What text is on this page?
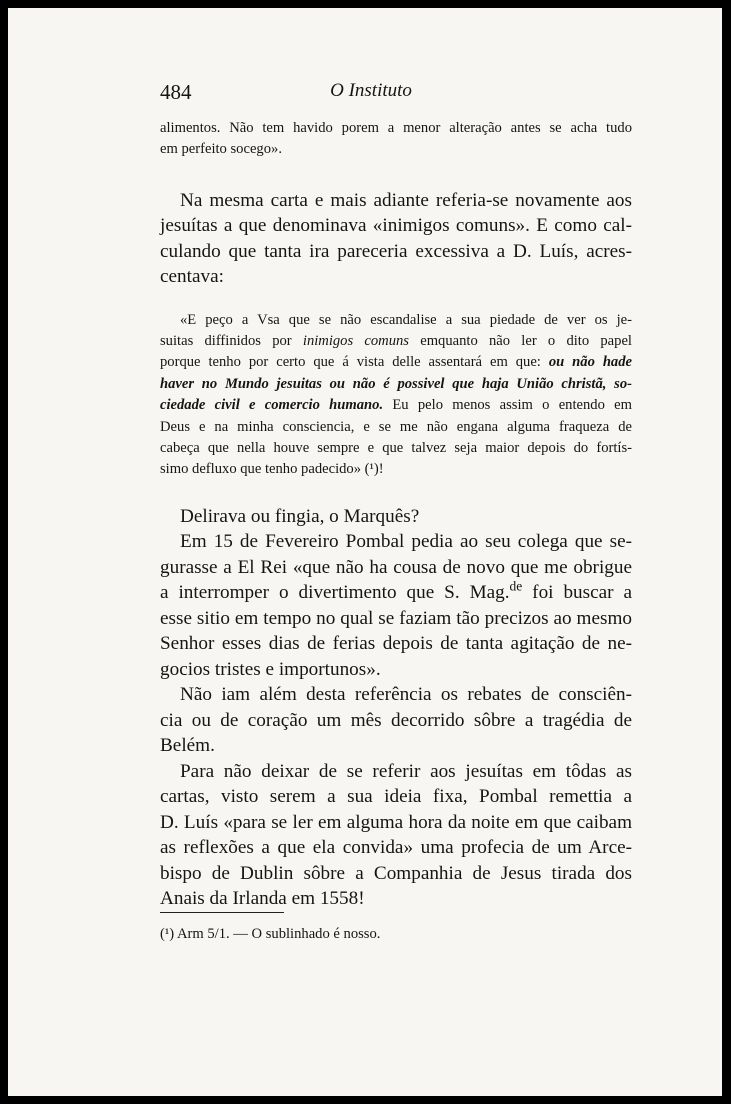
484	O Instituto
alimentos. Não tem havido porem a menor alteração antes se acha tudo
em perfeito socego».
Na mesma carta e mais adiante referia-se novamente aos
jesuítas a que denominava «inimigos comuns». E como cal-
culando que tanta ira pareceria excessiva a D. Luís, acres-
centava:
«E peço a Vsa que se não escandalise a sua piedade de ver os je-
suitas diffinidos por inimigos comuns emquanto não ler o dito papel
porque tenho por certo que á vista delle assentará em que: ou não hade
haver no Mundo jesuitas ou não é possivel que haja União christã, so-
ciedade civil e comercio humano. Eu pelo menos assim o entendo em
Deus e na minha consciencia, e se me não engana alguma fraqueza de
cabeça que nella houve sempre e que talvez seja maior depois do fortís-
simo defluxo que tenho padecido» (¹)!
Delirava ou fingia, o Marquês?
Em 15 de Fevereiro Pombal pedia ao seu colega que se-
gurasse a El Rei «que não ha cousa de novo que me obrigue
a interromper o divertimento que S. Mag.$^{de}$ foi buscar a
esse sitio em tempo no qual se faziam tão precizos ao mesmo
Senhor esses dias de ferias depois de tanta agitação de ne-
gocios tristes e importunos».
Não iam além desta referência os rebates de consciên-
cia ou de coração um mês decorrido sôbre a tragédia de
Belém.
Para não deixar de se referir aos jesuítas em tôdas as
cartas, visto serem a sua ideia fixa, Pombal remettia a
D. Luís «para se ler em alguma hora da noite em que caibam
as reflexões a que ela convida» uma profecia de um Arce-
bispo de Dublin sôbre a Companhia de Jesus tirada dos
Anais da Irlanda em 1558!
(¹) Arm 5/1. — O sublinhado é nosso.
